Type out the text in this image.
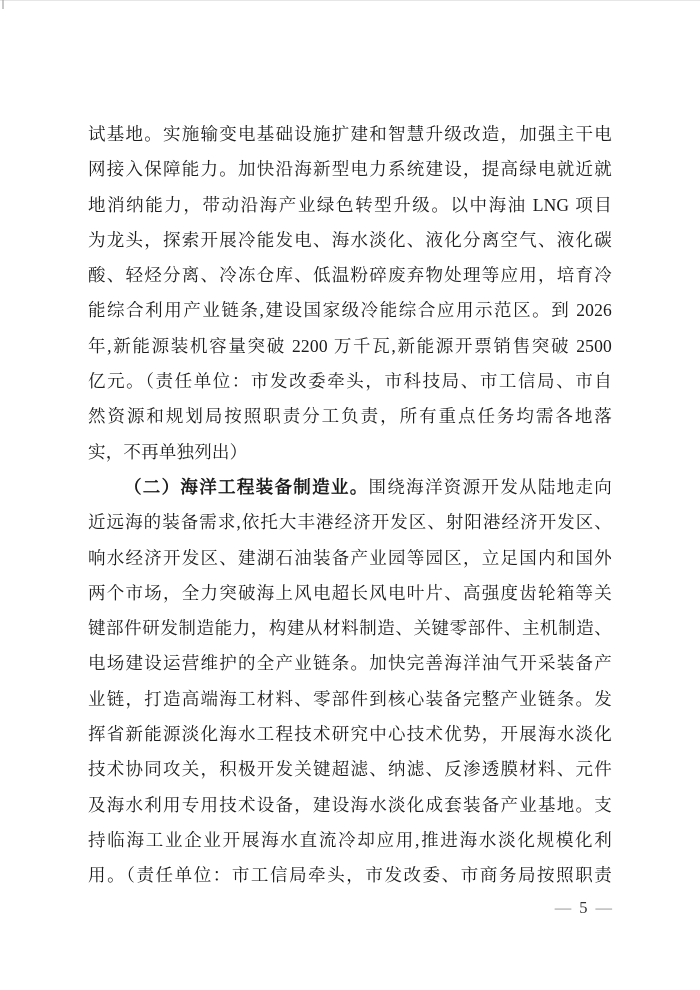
试基地。实施输变电基础设施扩建和智慧升级改造，加强主干电
网接入保障能力。加快沿海新型电力系统建设，提高绿电就近就
地消纳能力，带动沿海产业绿色转型升级。以中海油 LNG 项目
为龙头，探索开展冷能发电、海水淡化、液化分离空气、液化碳
酸、轻烃分离、冷冻仓库、低温粉碎废弃物处理等应用，培育冷
能综合利用产业链条,建设国家级冷能综合应用示范区。到 2026
年,新能源装机容量突破 2200 万千瓦,新能源开票销售突破 2500
亿元。（责任单位：市发改委牵头，市科技局、市工信局、市自
然资源和规划局按照职责分工负责，所有重点任务均需各地落
实，不再单独列出）
（二）海洋工程装备制造业。围绕海洋资源开发从陆地走向
近远海的装备需求,依托大丰港经济开发区、射阳港经济开发区、
响水经济开发区、建湖石油装备产业园等园区，立足国内和国外
两个市场，全力突破海上风电超长风电叶片、高强度齿轮箱等关
键部件研发制造能力，构建从材料制造、关键零部件、主机制造、
电场建设运营维护的全产业链条。加快完善海洋油气开采装备产
业链，打造高端海工材料、零部件到核心装备完整产业链条。发
挥省新能源淡化海水工程技术研究中心技术优势，开展海水淡化
技术协同攻关，积极开发关键超滤、纳滤、反渗透膜材料、元件
及海水利用专用技术设备，建设海水淡化成套装备产业基地。支
持临海工业企业开展海水直流冷却应用,推进海水淡化规模化利
用。（责任单位：市工信局牵头，市发改委、市商务局按照职责
— 5 —
